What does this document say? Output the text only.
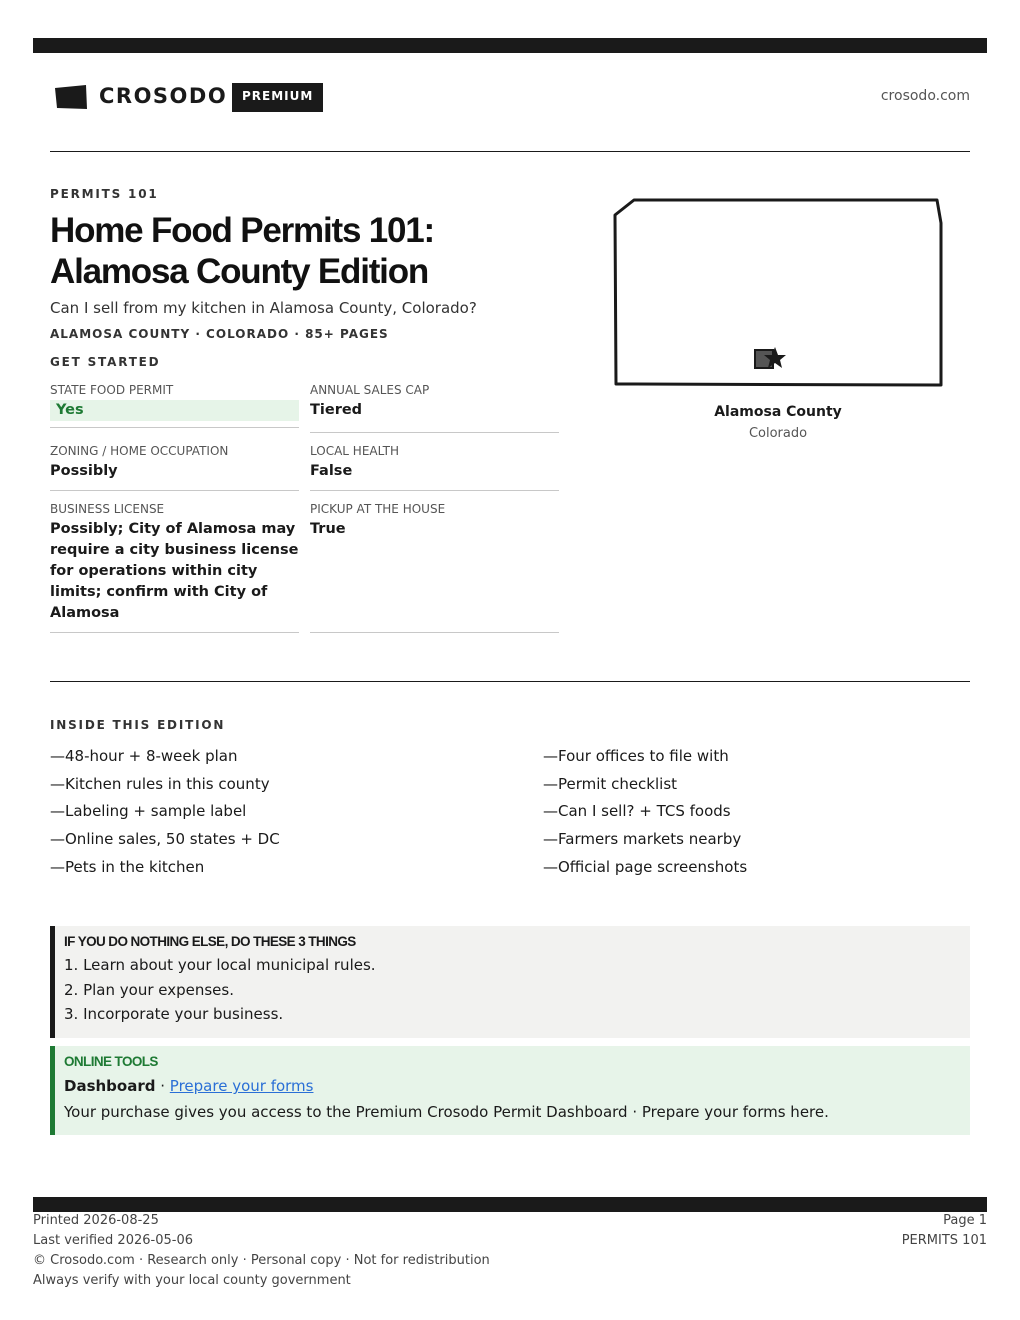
CROSODO	PREMIUM	crosodo.com
PERMITS 101
Home Food Permits 101:
Alamosa County Edition
Can I sell from my kitchen in Alamosa County, Colorado?
ALAMOSA COUNTY · COLORADO · 85+ PAGES
GET STARTED
STATE FOOD PERMIT
Yes
ANNUAL SALES CAP
Tiered
ZONING / HOME OCCUPATION
Possibly
LOCAL HEALTH
False
BUSINESS LICENSE
Possibly; City of Alamosa may require a city business license for operations within city limits; confirm with City of Alamosa
PICKUP AT THE HOUSE
True
Alamosa County
Colorado
INSIDE THIS EDITION
—48-hour + 8-week plan
—Kitchen rules in this county
—Labeling + sample label
—Online sales, 50 states + DC
—Pets in the kitchen
—Four offices to file with
—Permit checklist
—Can I sell? + TCS foods
—Farmers markets nearby
—Official page screenshots
IF YOU DO NOTHING ELSE, DO THESE 3 THINGS
1. Learn about your local municipal rules.
2. Plan your expenses.
3. Incorporate your business.
ONLINE TOOLS
Dashboard · Prepare your forms
Your purchase gives you access to the Premium Crosodo Permit Dashboard · Prepare your forms here.
Printed 2026-08-25
Last verified 2026-05-06
© Crosodo.com · Research only · Personal copy · Not for redistribution
Always verify with your local county government
Page 1
PERMITS 101
